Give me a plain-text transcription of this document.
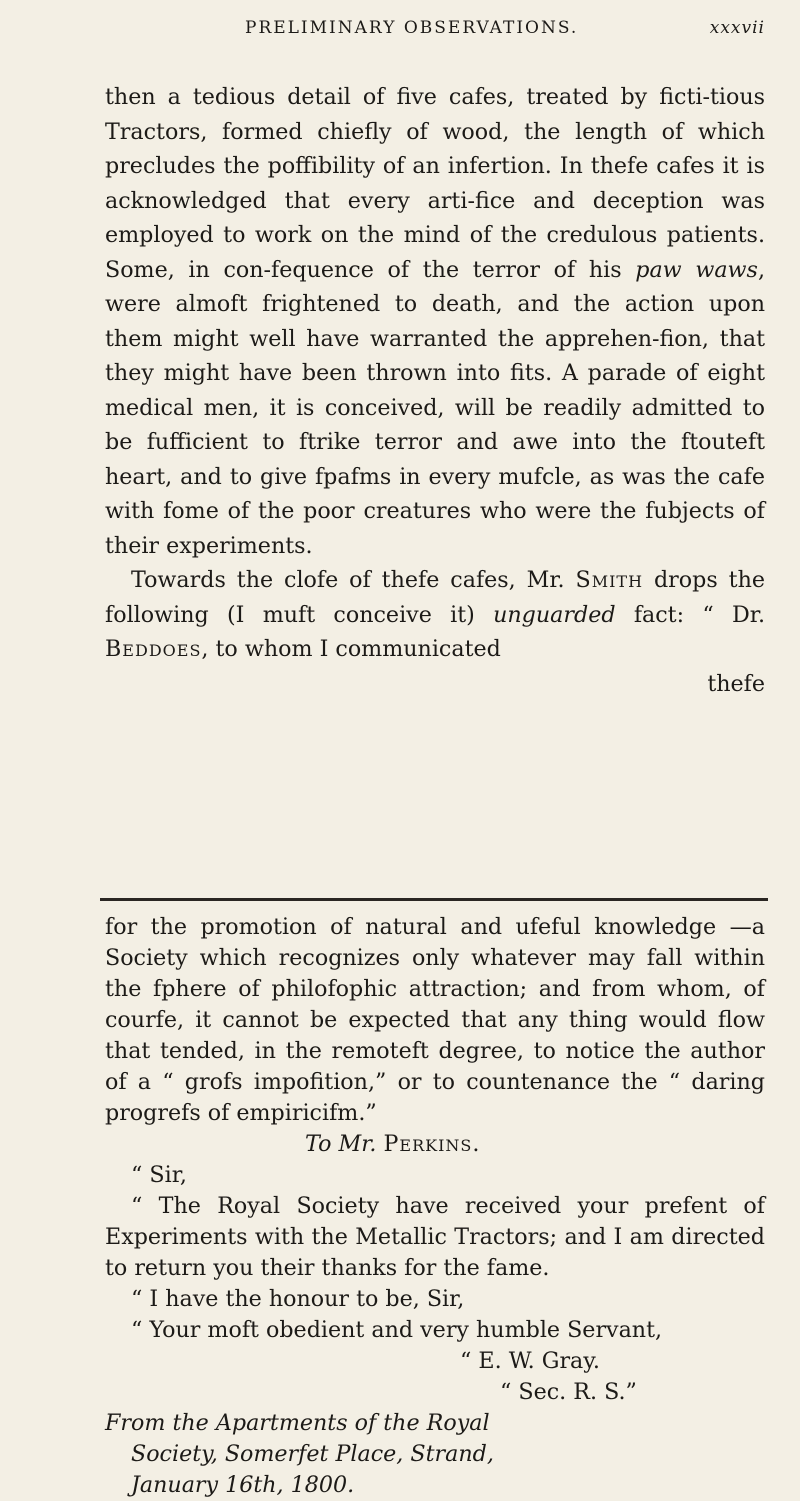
PRELIMINARY OBSERVATIONS.	xxxvii

then a tedious detail of five cafes, treated by ficti-tious Tractors, formed chiefly of wood, the length of which precludes the poffibility of an infertion. In thefe cafes it is acknowledged that every arti-fice and deception was employed to work on the mind of the credulous patients. Some, in con-fequence of the terror of his paw waws, were almoft frightened to death, and the action upon them might well have warranted the apprehen-fion, that they might have been thrown into fits. A parade of eight medical men, it is conceived, will be readily admitted to be fufficient to ftrike terror and awe into the ftouteft heart, and to give fpafms in every mufcle, as was the cafe with fome of the poor creatures who were the fubjects of their experiments.

Towards the clofe of thefe cafes, Mr. Smith drops the following (I muft conceive it) unguarded fact: “ Dr. Beddoes, to whom I communicated

thefe

for the promotion of natural and ufeful knowledge —a Society which recognizes only whatever may fall within the fphere of philofophic attraction; and from whom, of courfe, it cannot be expected that any thing would flow that tended, in the remoteft degree, to notice the author of a “ grofs impofition,” or to countenance the “ daring progrefs of empiricifm.”

To Mr. Perkins.

“ Sir,

“ The Royal Society have received your prefent of Experiments with the Metallic Tractors; and I am directed to return you their thanks for the fame.

“ I have the honour to be, Sir,

“ Your moft obedient and very humble Servant,

“ E. W. Gray.

“ Sec. R. S.”

From the Apartments of the Royal
Society, Somerfet Place, Strand,
January 16th, 1800.
